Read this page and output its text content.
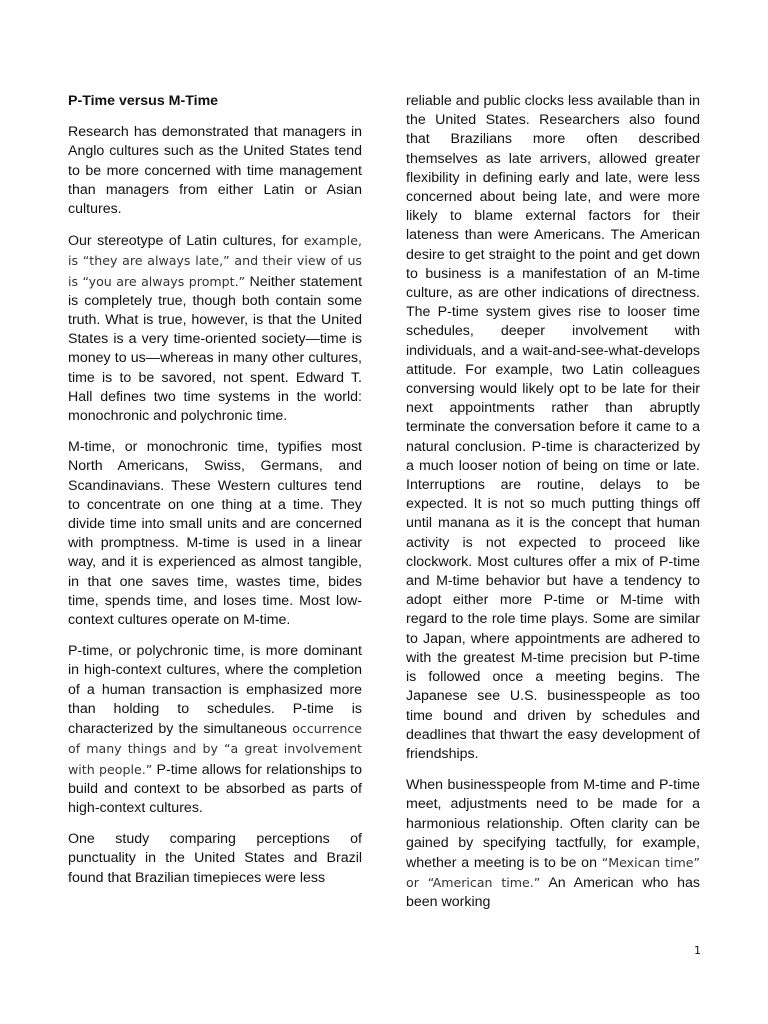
P-Time versus M-Time

Research has demonstrated that managers in Anglo cultures such as the United States tend to be more concerned with time management than managers from either Latin or Asian cultures.

Our stereotype of Latin cultures, for example, is “they are always late,” and their view of us is “you are always prompt.” Neither statement is completely true, though both contain some truth. What is true, however, is that the United States is a very time-oriented society—time is money to us—whereas in many other cultures, time is to be savored, not spent. Edward T. Hall defines two time systems in the world: monochronic and polychronic time.

M-time, or monochronic time, typifies most North Americans, Swiss, Germans, and Scandinavians. These Western cultures tend to concentrate on one thing at a time. They divide time into small units and are concerned with promptness. M-time is used in a linear way, and it is experienced as almost tangible, in that one saves time, wastes time, bides time, spends time, and loses time. Most low-context cultures operate on M-time.

P-time, or polychronic time, is more dominant in high-context cultures, where the completion of a human transaction is emphasized more than holding to schedules. P-time is characterized by the simultaneous occurrence of many things and by “a great involvement with people.” P-time allows for relationships to build and context to be absorbed as parts of high-context cultures.

One study comparing perceptions of punctuality in the United States and Brazil found that Brazilian timepieces were less

reliable and public clocks less available than in the United States. Researchers also found that Brazilians more often described themselves as late arrivers, allowed greater flexibility in defining early and late, were less concerned about being late, and were more likely to blame external factors for their lateness than were Americans. The American desire to get straight to the point and get down to business is a manifestation of an M-time culture, as are other indications of directness. The P-time system gives rise to looser time schedules, deeper involvement with individuals, and a wait-and-see-what-develops attitude. For example, two Latin colleagues conversing would likely opt to be late for their next appointments rather than abruptly terminate the conversation before it came to a natural conclusion. P-time is characterized by a much looser notion of being on time or late. Interruptions are routine, delays to be expected. It is not so much putting things off until manana as it is the concept that human activity is not expected to proceed like clockwork. Most cultures offer a mix of P-time and M-time behavior but have a tendency to adopt either more P-time or M-time with regard to the role time plays. Some are similar to Japan, where appointments are adhered to with the greatest M-time precision but P-time is followed once a meeting begins. The Japanese see U.S. businesspeople as too time bound and driven by schedules and deadlines that thwart the easy development of friendships.

When businesspeople from M-time and P-time meet, adjustments need to be made for a harmonious relationship. Often clarity can be gained by specifying tactfully, for example, whether a meeting is to be on “Mexican time” or “American time.” An American who has been working

1
